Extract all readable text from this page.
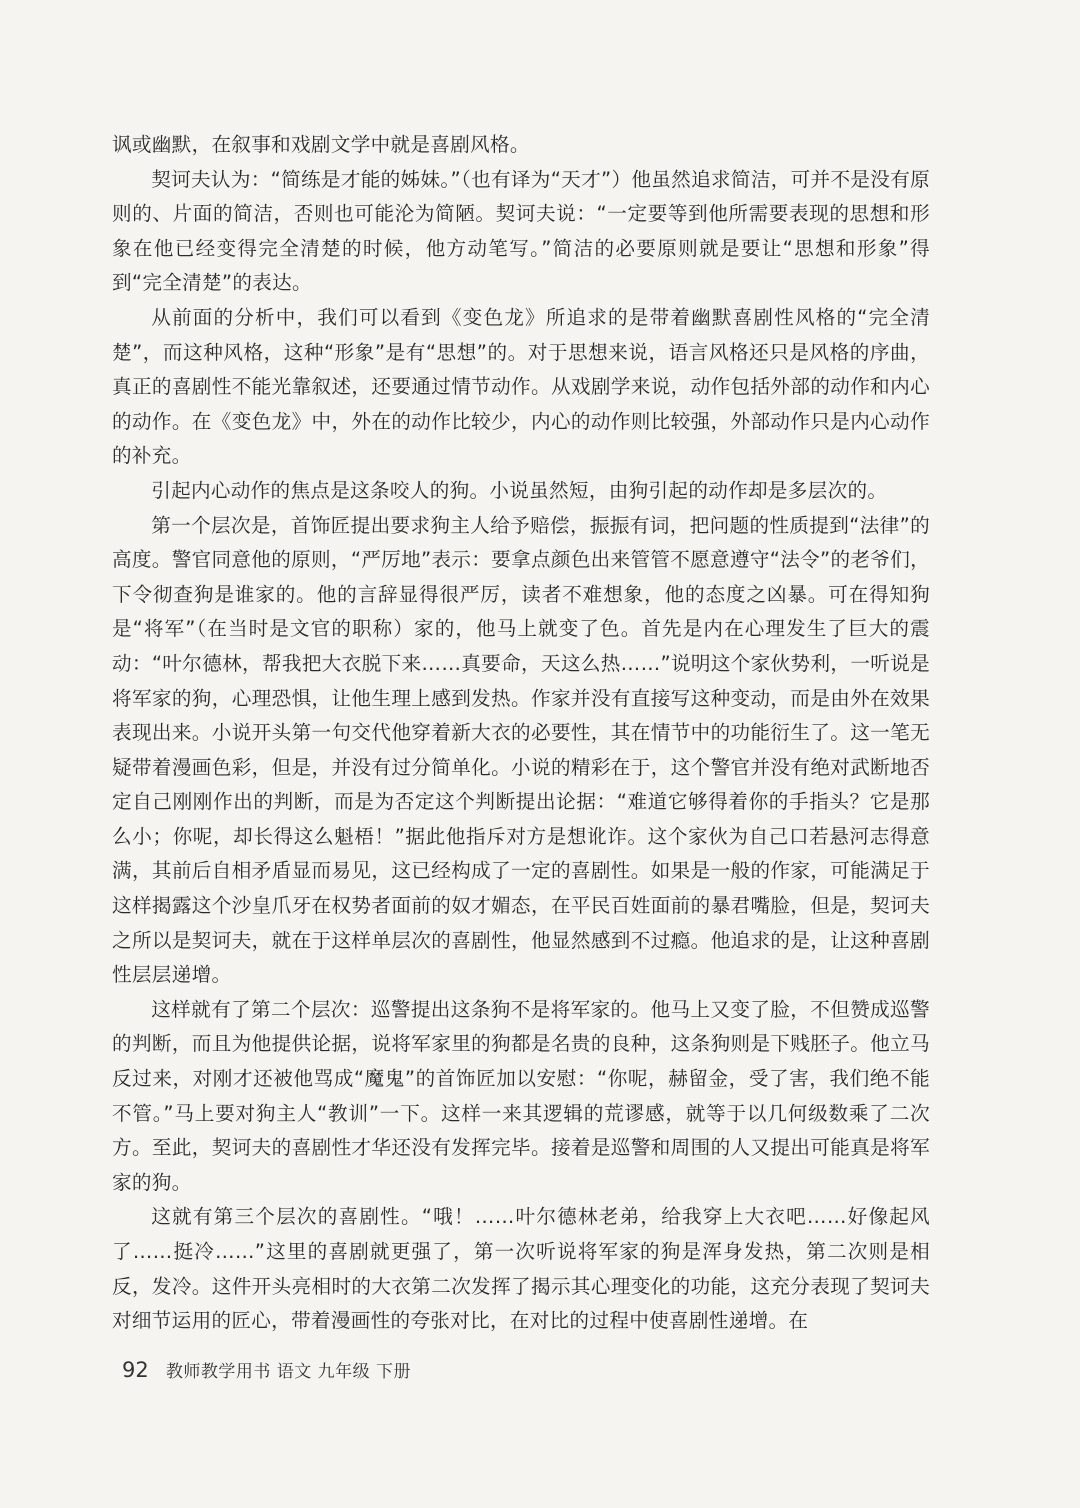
讽或幽默，在叙事和戏剧文学中就是喜剧风格。

契诃夫认为：“简练是才能的姊妹。”（也有译为“天才”）他虽然追求简洁，可并不是没有原则的、片面的简洁，否则也可能沦为简陋。契诃夫说：“一定要等到他所需要表现的思想和形象在他已经变得完全清楚的时候，他方动笔写。”简洁的必要原则就是要让“思想和形象”得到“完全清楚”的表达。

从前面的分析中，我们可以看到《变色龙》所追求的是带着幽默喜剧性风格的“完全清楚”，而这种风格，这种“形象”是有“思想”的。对于思想来说，语言风格还只是风格的序曲，真正的喜剧性不能光靠叙述，还要通过情节动作。从戏剧学来说，动作包括外部的动作和内心的动作。在《变色龙》中，外在的动作比较少，内心的动作则比较强，外部动作只是内心动作的补充。

引起内心动作的焦点是这条咬人的狗。小说虽然短，由狗引起的动作却是多层次的。

第一个层次是，首饰匠提出要求狗主人给予赔偿，振振有词，把问题的性质提到“法律”的高度。警官同意他的原则，“严厉地”表示：要拿点颜色出来管管不愿意遵守“法令”的老爷们，下令彻查狗是谁家的。他的言辞显得很严厉，读者不难想象，他的态度之凶暴。可在得知狗是“将军”（在当时是文官的职称）家的，他马上就变了色。首先是内在心理发生了巨大的震动：“叶尔德林，帮我把大衣脱下来……真要命，天这么热……”说明这个家伙势利，一听说是将军家的狗，心理恐惧，让他生理上感到发热。作家并没有直接写这种变动，而是由外在效果表现出来。小说开头第一句交代他穿着新大衣的必要性，其在情节中的功能衍生了。这一笔无疑带着漫画色彩，但是，并没有过分简单化。小说的精彩在于，这个警官并没有绝对武断地否定自己刚刚作出的判断，而是为否定这个判断提出论据：“难道它够得着你的手指头？它是那么小；你呢，却长得这么魁梧！”据此他指斥对方是想讹诈。这个家伙为自己口若悬河志得意满，其前后自相矛盾显而易见，这已经构成了一定的喜剧性。如果是一般的作家，可能满足于这样揭露这个沙皇爪牙在权势者面前的奴才媚态，在平民百姓面前的暴君嘴脸，但是，契诃夫之所以是契诃夫，就在于这样单层次的喜剧性，他显然感到不过瘾。他追求的是，让这种喜剧性层层递增。

这样就有了第二个层次：巡警提出这条狗不是将军家的。他马上又变了脸，不但赞成巡警的判断，而且为他提供论据，说将军家里的狗都是名贵的良种，这条狗则是下贱胚子。他立马反过来，对刚才还被他骂成“魔鬼”的首饰匠加以安慰：“你呢，赫留金，受了害，我们绝不能不管。”马上要对狗主人“教训”一下。这样一来其逻辑的荒谬感，就等于以几何级数乘了二次方。至此，契诃夫的喜剧性才华还没有发挥完毕。接着是巡警和周围的人又提出可能真是将军家的狗。

这就有第三个层次的喜剧性。“哦！……叶尔德林老弟，给我穿上大衣吧……好像起风了……挺冷……”这里的喜剧就更强了，第一次听说将军家的狗是浑身发热，第二次则是相反，发冷。这件开头亮相时的大衣第二次发挥了揭示其心理变化的功能，这充分表现了契诃夫对细节运用的匠心，带着漫画性的夸张对比，在对比的过程中使喜剧性递增。在

92 教师教学用书 语文 九年级 下册
